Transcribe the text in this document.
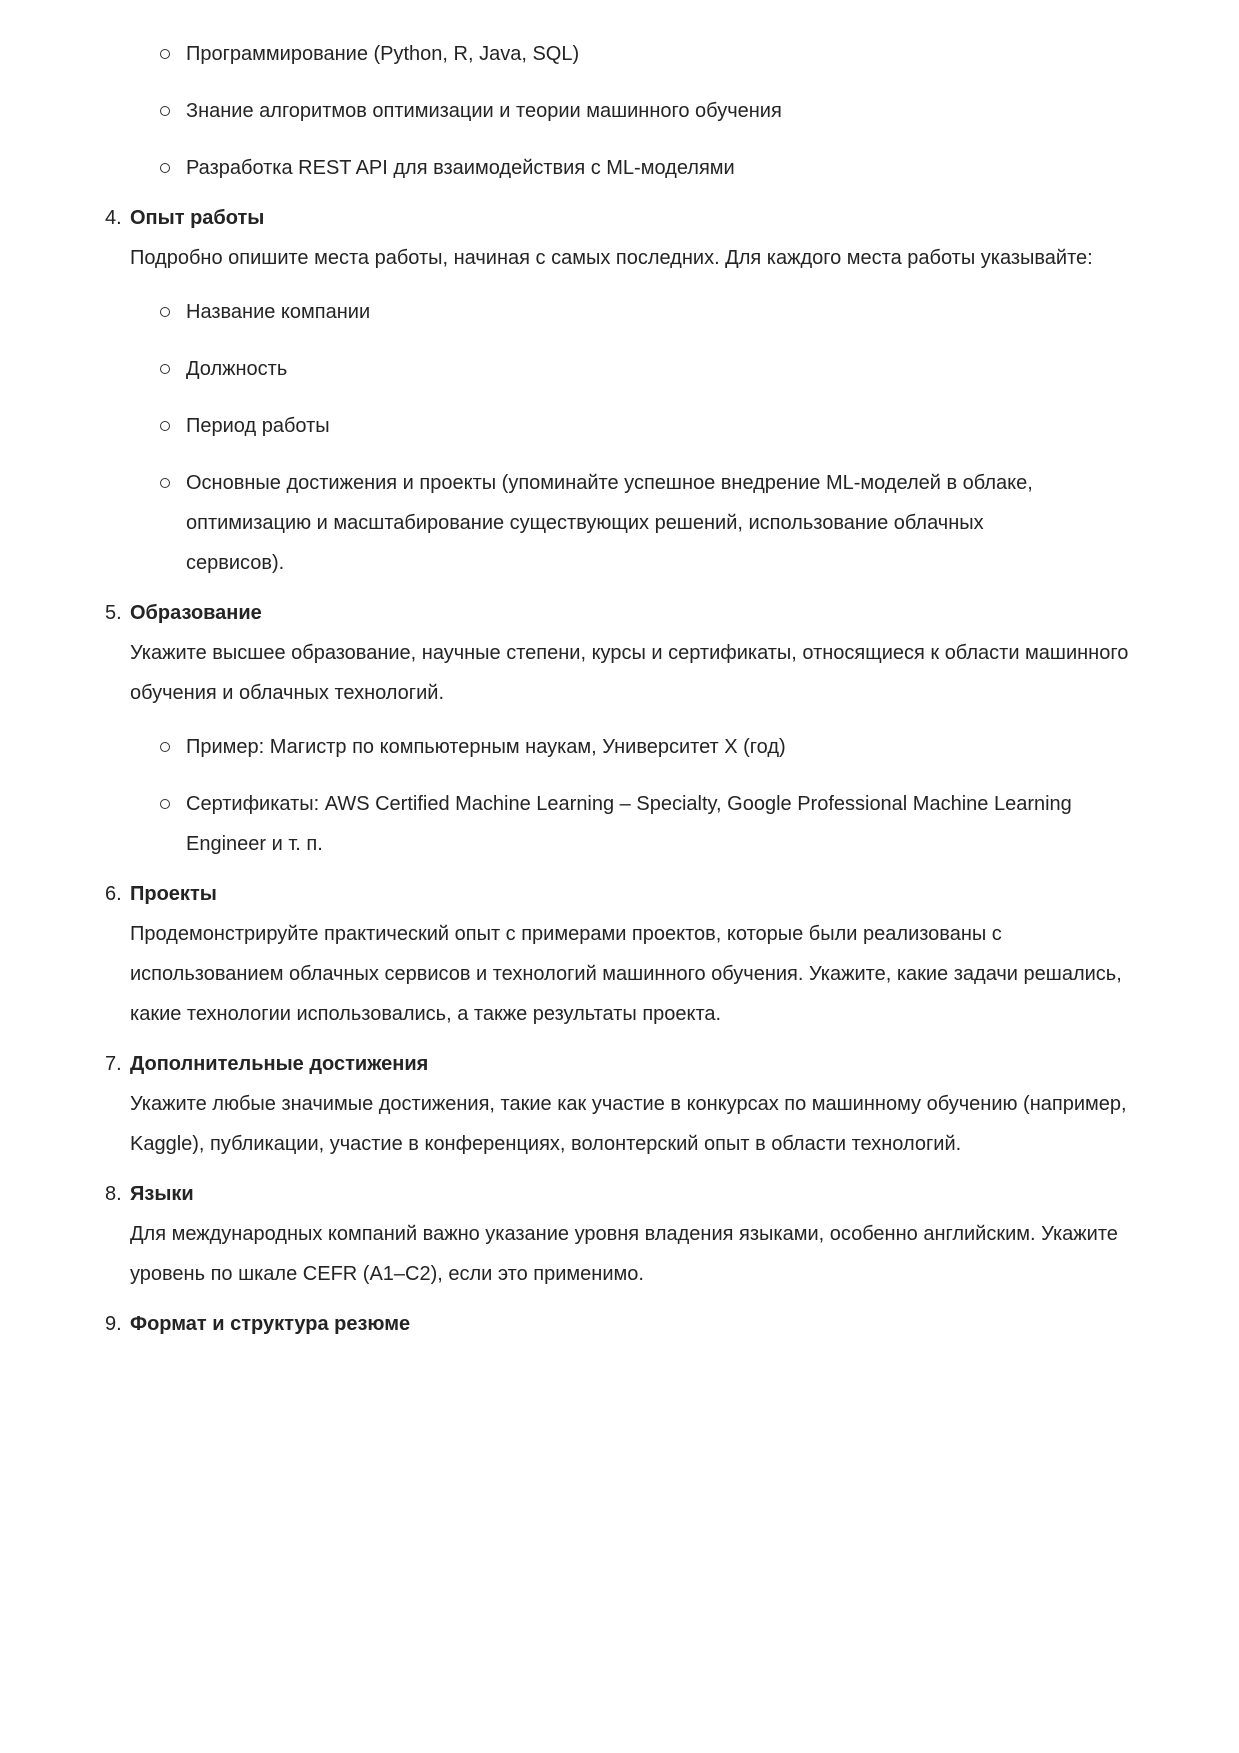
Программирование (Python, R, Java, SQL)
Знание алгоритмов оптимизации и теории машинного обучения
Разработка REST API для взаимодействия с ML-моделями
4. Опыт работы

Подробно опишите места работы, начиная с самых последних. Для каждого места работы указывайте:

Название компании
Должность
Период работы
Основные достижения и проекты (упоминайте успешное внедрение ML-моделей в облаке, оптимизацию и масштабирование существующих решений, использование облачных сервисов).
5. Образование

Укажите высшее образование, научные степени, курсы и сертификаты, относящиеся к области машинного обучения и облачных технологий.

Пример: Магистр по компьютерным наукам, Университет X (год)
Сертификаты: AWS Certified Machine Learning – Specialty, Google Professional Machine Learning Engineer и т. п.
6. Проекты

Продемонстрируйте практический опыт с примерами проектов, которые были реализованы с использованием облачных сервисов и технологий машинного обучения. Укажите, какие задачи решались, какие технологии использовались, а также результаты проекта.

7. Дополнительные достижения

Укажите любые значимые достижения, такие как участие в конкурсах по машинному обучению (например, Kaggle), публикации, участие в конференциях, волонтерский опыт в области технологий.

8. Языки

Для международных компаний важно указание уровня владения языками, особенно английским. Укажите уровень по шкале CEFR (A1–C2), если это применимо.

9. Формат и структура резюме
